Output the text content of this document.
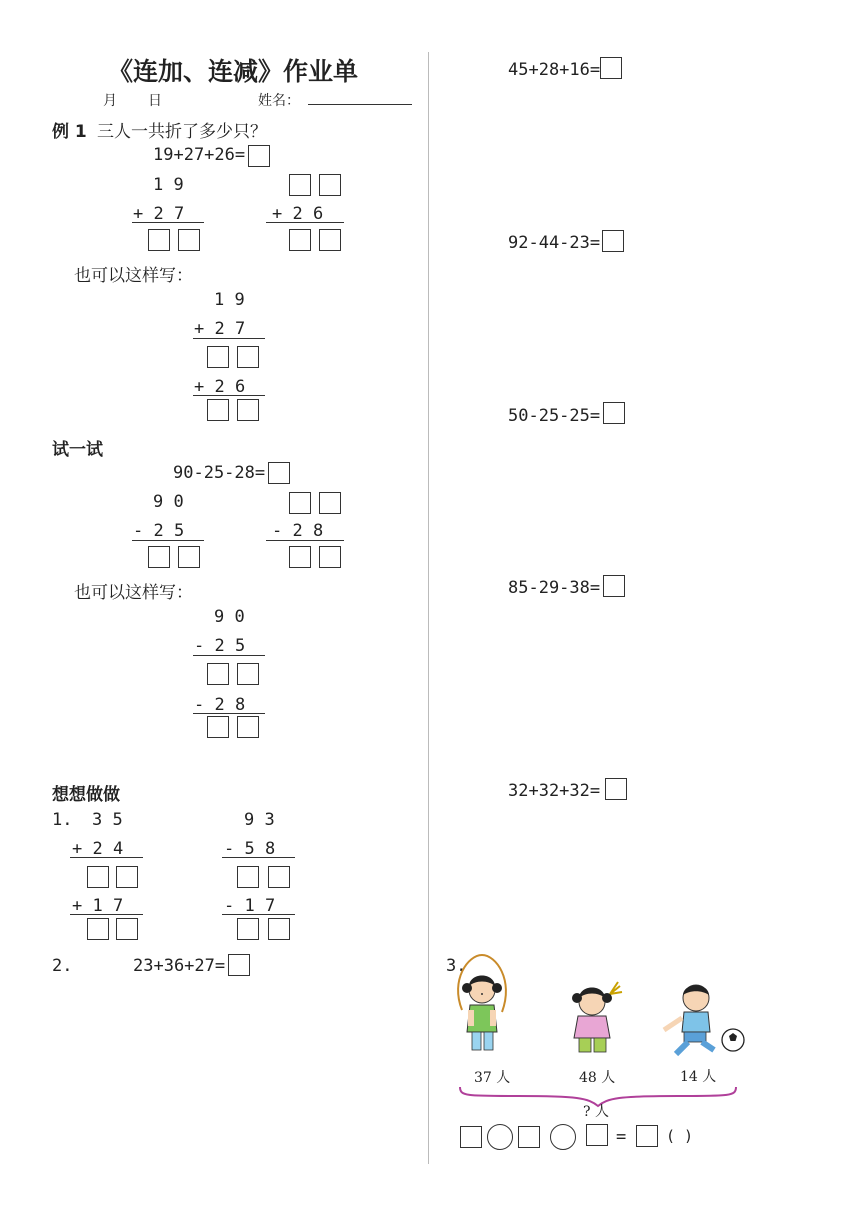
《连加、连减》作业单
月 日	姓名：
例 1 三人一共折了多少只？
19+27+26=
1 9
+ 2 7	+ 2 6
也可以这样写：
1 9
+ 2 7
+ 2 6
试一试
90-25-28=
9 0
- 2 5	- 2 8
也可以这样写：
9 0
- 2 5
- 2 8
想想做做
1. 3 5
+ 2 4
+ 1 7
9 3
- 5 8
- 1 7
2.	23+36+27=
45+28+16=
92-44-23=
50-25-25=
85-29-38=
32+32+32=
3.
37 人	48 人	14 人
? 人
=	( )
